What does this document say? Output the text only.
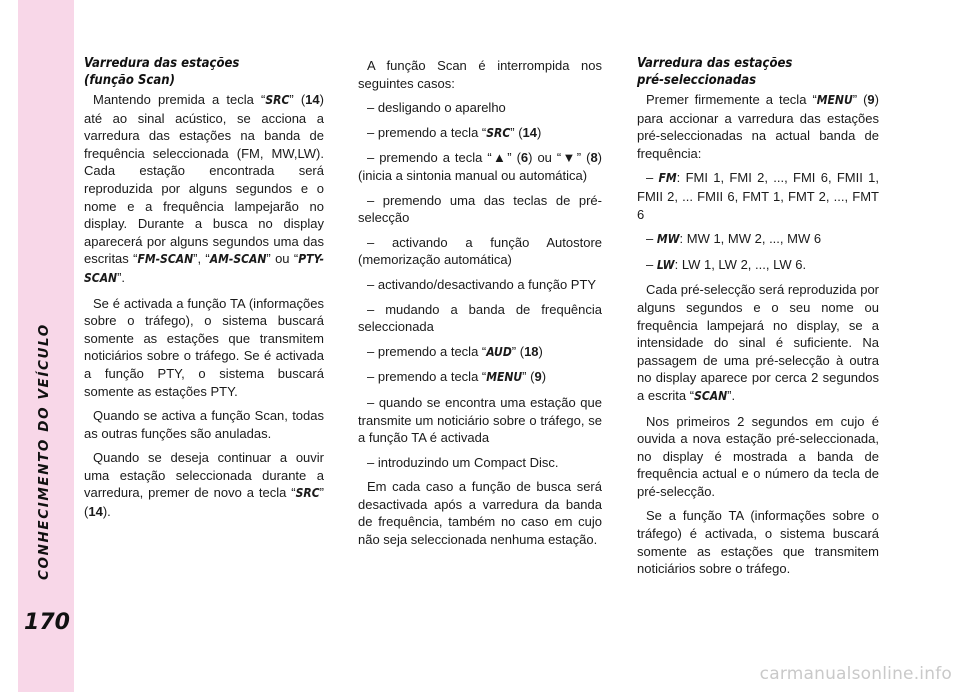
CONHECIMENTO DO VEÍCULO
170
Varredura das estações
(função Scan)

Mantendo premida a tecla “SRC” (14) até ao sinal acústico, se acciona a varredura das estações na banda de frequência seleccionada (FM, MW,LW). Cada estação encontrada será reproduzida por alguns segundos e o nome e a frequência lampejarão no display. Durante a busca no display aparecerá por alguns segundos uma das escritas “FM-SCAN”, “AM-SCAN” ou “PTY-SCAN”.

Se é activada a função TA (informações sobre o tráfego), o sistema buscará somente as estações que transmitem noticiários sobre o tráfego. Se é activada a função PTY, o sistema buscará somente as estações PTY.

Quando se activa a função Scan, todas as outras funções são anuladas.

Quando se deseja continuar a ouvir uma estação seleccionada durante a varredura, premer de novo a tecla “SRC” (14).

A função Scan é interrompida nos seguintes casos:

– desligando o aparelho

– premendo a tecla “SRC” (14)

– premendo a tecla “▲” (6) ou “▼” (8) (inicia a sintonia manual ou automática)

– premendo uma das teclas de pré-selecção

– activando a função Autostore (memorização automática)

– activando/desactivando a função PTY

– mudando a banda de frequência seleccionada

– premendo a tecla “AUD” (18)

– premendo a tecla “MENU” (9)

– quando se encontra uma estação que transmite um noticiário sobre o tráfego, se a função TA é activada

– introduzindo um Compact Disc.

Em cada caso a função de busca será desactivada após a varredura da banda de frequência, também no caso em cujo não seja seleccionada nenhuma estação.

Varredura das estações
pré-seleccionadas

Premer firmemente a tecla “MENU” (9) para accionar a varredura das estações pré-seleccionadas na actual banda de frequência:

– FM: FMI 1, FMI 2, ..., FMI 6, FMII 1, FMII 2, ... FMII 6, FMT 1, FMT 2, ..., FMT 6

– MW: MW 1, MW 2, ..., MW 6

– LW: LW 1, LW 2, ..., LW 6.

Cada pré-selecção será reproduzida por alguns segundos e o seu nome ou frequência lampejará no display, se a intensidade do sinal é suficiente. Na passagem de uma pré-selecção à outra no display aparece por cerca 2 segundos a escrita “SCAN”.

Nos primeiros 2 segundos em cujo é ouvida a nova estação pré-seleccionada, no display é mostrada a banda de frequência actual e o número da tecla de pré-selecção.

Se a função TA (informações sobre o tráfego) é activada, o sistema buscará somente as estações que transmitem noticiários sobre o tráfego.

carmanualsonline.info
